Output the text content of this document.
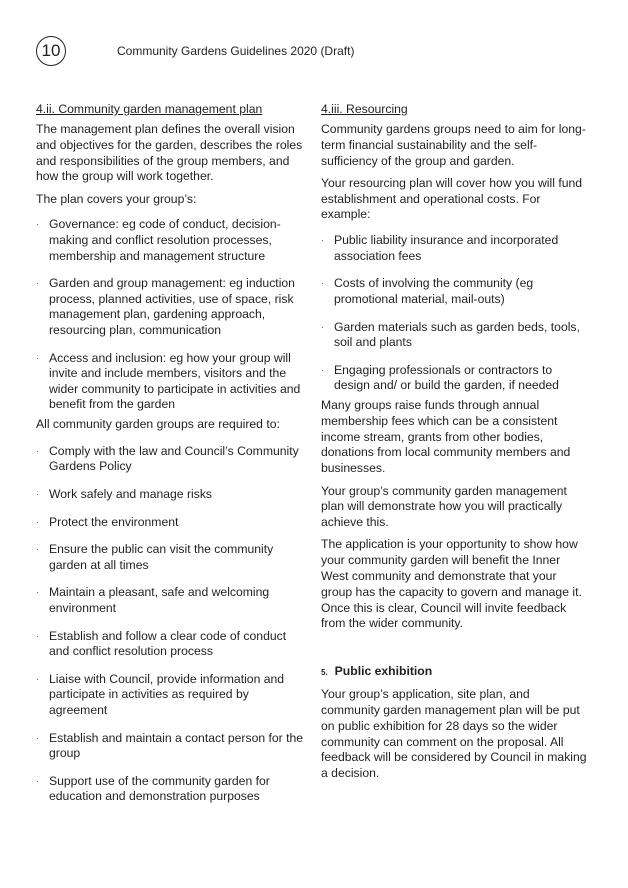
10	Community Gardens Guidelines 2020 (Draft)
4.ii. Community garden management plan

The management plan defines the overall vision and objectives for the garden, describes the roles and responsibilities of the group members, and how the group will work together.

The plan covers your group’s:

· Governance: eg code of conduct, decision-making and conflict resolution processes, membership and management structure
· Garden and group management: eg induction process, planned activities, use of space, risk management plan, gardening approach, resourcing plan, communication
· Access and inclusion: eg how your group will invite and include members, visitors and the wider community to participate in activities and benefit from the garden

All community garden groups are required to:

· Comply with the law and Council’s Community Gardens Policy
· Work safely and manage risks
· Protect the environment
· Ensure the public can visit the community garden at all times
· Maintain a pleasant, safe and welcoming environment
· Establish and follow a clear code of conduct and conflict resolution process
· Liaise with Council, provide information and participate in activities as required by agreement
· Establish and maintain a contact person for the group
· Support use of the community garden for education and demonstration purposes
4.iii. Resourcing

Community gardens groups need to aim for long-term financial sustainability and the self-sufficiency of the group and garden.

Your resourcing plan will cover how you will fund establishment and operational costs. For example:

· Public liability insurance and incorporated association fees
· Costs of involving the community (eg promotional material, mail-outs)
· Garden materials such as garden beds, tools, soil and plants
· Engaging professionals or contractors to design and/ or build the garden, if needed

Many groups raise funds through annual membership fees which can be a consistent income stream, grants from other bodies, donations from local community members and businesses.

Your group’s community garden management plan will demonstrate how you will practically achieve this.

The application is your opportunity to show how your community garden will benefit the Inner West community and demonstrate that your group has the capacity to govern and manage it. Once this is clear, Council will invite feedback from the wider community.

5. Public exhibition

Your group’s application, site plan, and community garden management plan will be put on public exhibition for 28 days so the wider community can comment on the proposal. All feedback will be considered by Council in making a decision.
